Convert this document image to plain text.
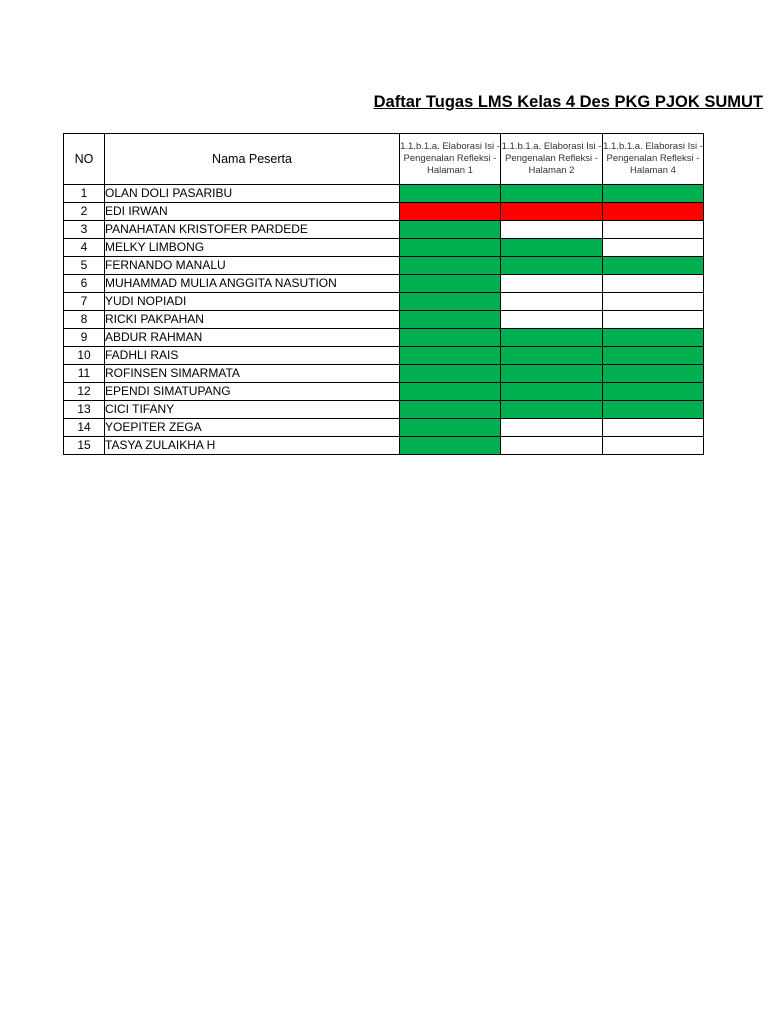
Daftar Tugas LMS Kelas 4 Des PKG PJOK SUMUT
NO	Nama Peserta	1.1.b.1.a. Elaborasi Isi - Pengenalan Refleksi - Halaman 1	1.1.b.1.a. Elaborasi Isi - Pengenalan Refleksi - Halaman 2	1.1.b.1.a. Elaborasi Isi - Pengenalan Refleksi - Halaman 4
1	OLAN DOLI PASARIBU			
2	EDI IRWAN			
3	PANAHATAN KRISTOFER PARDEDE			
4	MELKY LIMBONG			
5	FERNANDO MANALU			
6	MUHAMMAD MULIA ANGGITA NASUTION			
7	YUDI NOPIADI			
8	RICKI PAKPAHAN			
9	ABDUR RAHMAN			
10	FADHLI RAIS			
11	ROFINSEN SIMARMATA			
12	EPENDI SIMATUPANG			
13	CICI TIFANY			
14	YOEPITER ZEGA			
15	TASYA ZULAIKHA H			
